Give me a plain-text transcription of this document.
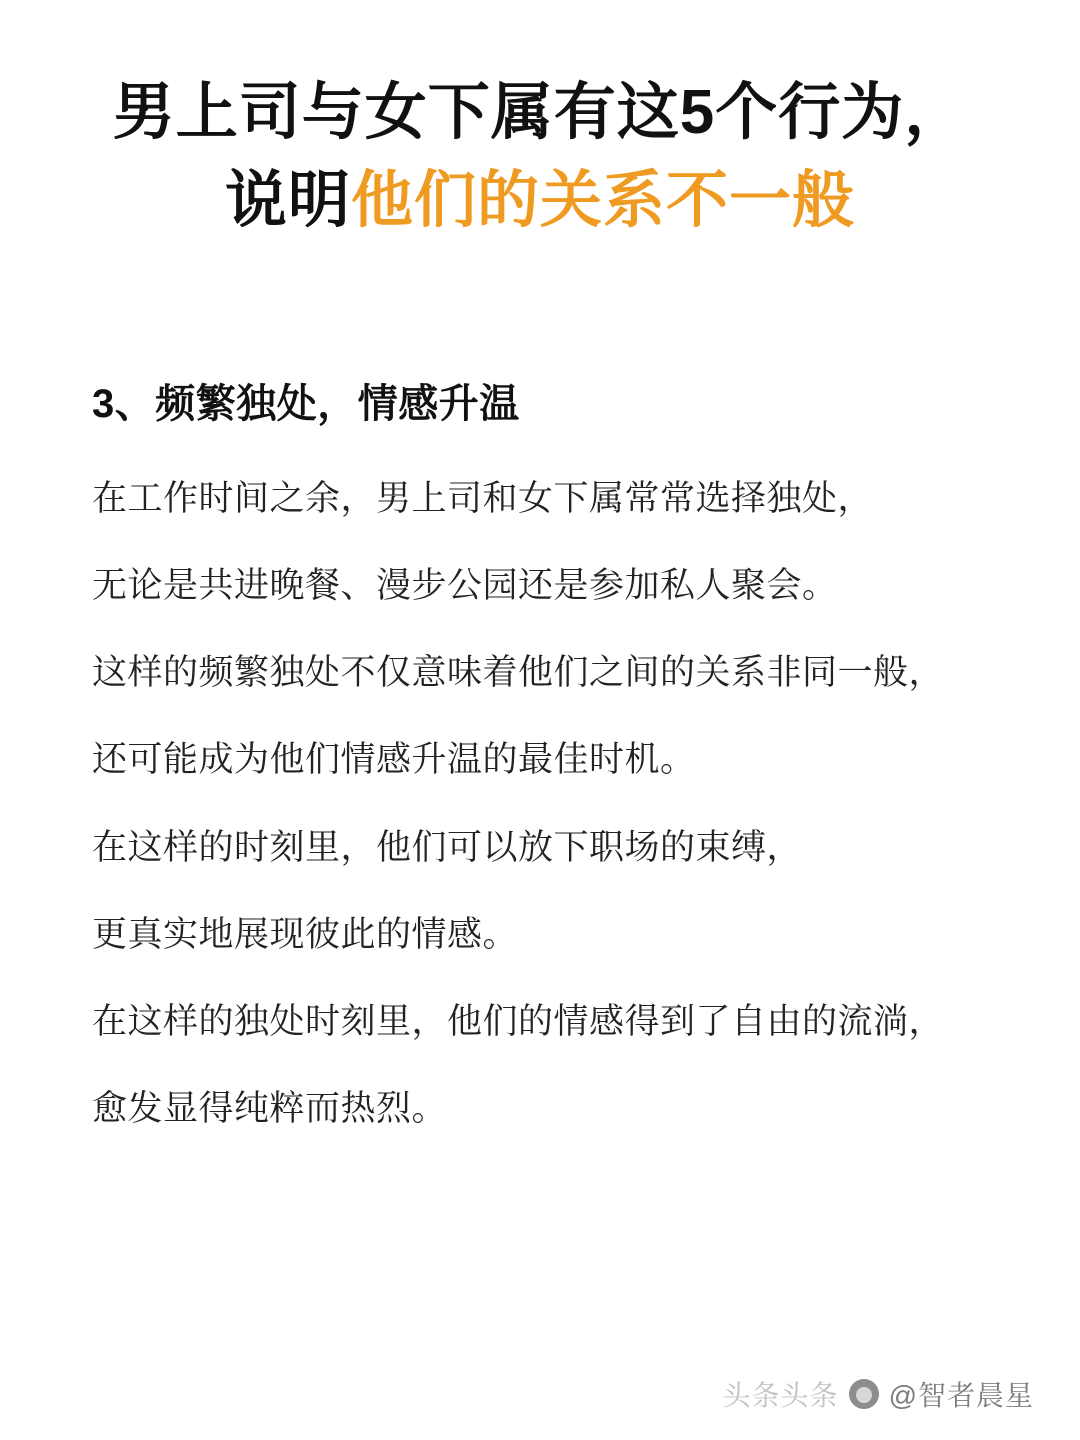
男上司与女下属有这5个行为，
说明他们的关系不一般
3、频繁独处，情感升温

在工作时间之余，男上司和女下属常常选择独处，

无论是共进晚餐、漫步公园还是参加私人聚会。

这样的频繁独处不仅意味着他们之间的关系非同一般，

还可能成为他们情感升温的最佳时机。

在这样的时刻里，他们可以放下职场的束缚，

更真实地展现彼此的情感。

在这样的独处时刻里，他们的情感得到了自由的流淌，

愈发显得纯粹而热烈。

头条头条 @智者晨星
